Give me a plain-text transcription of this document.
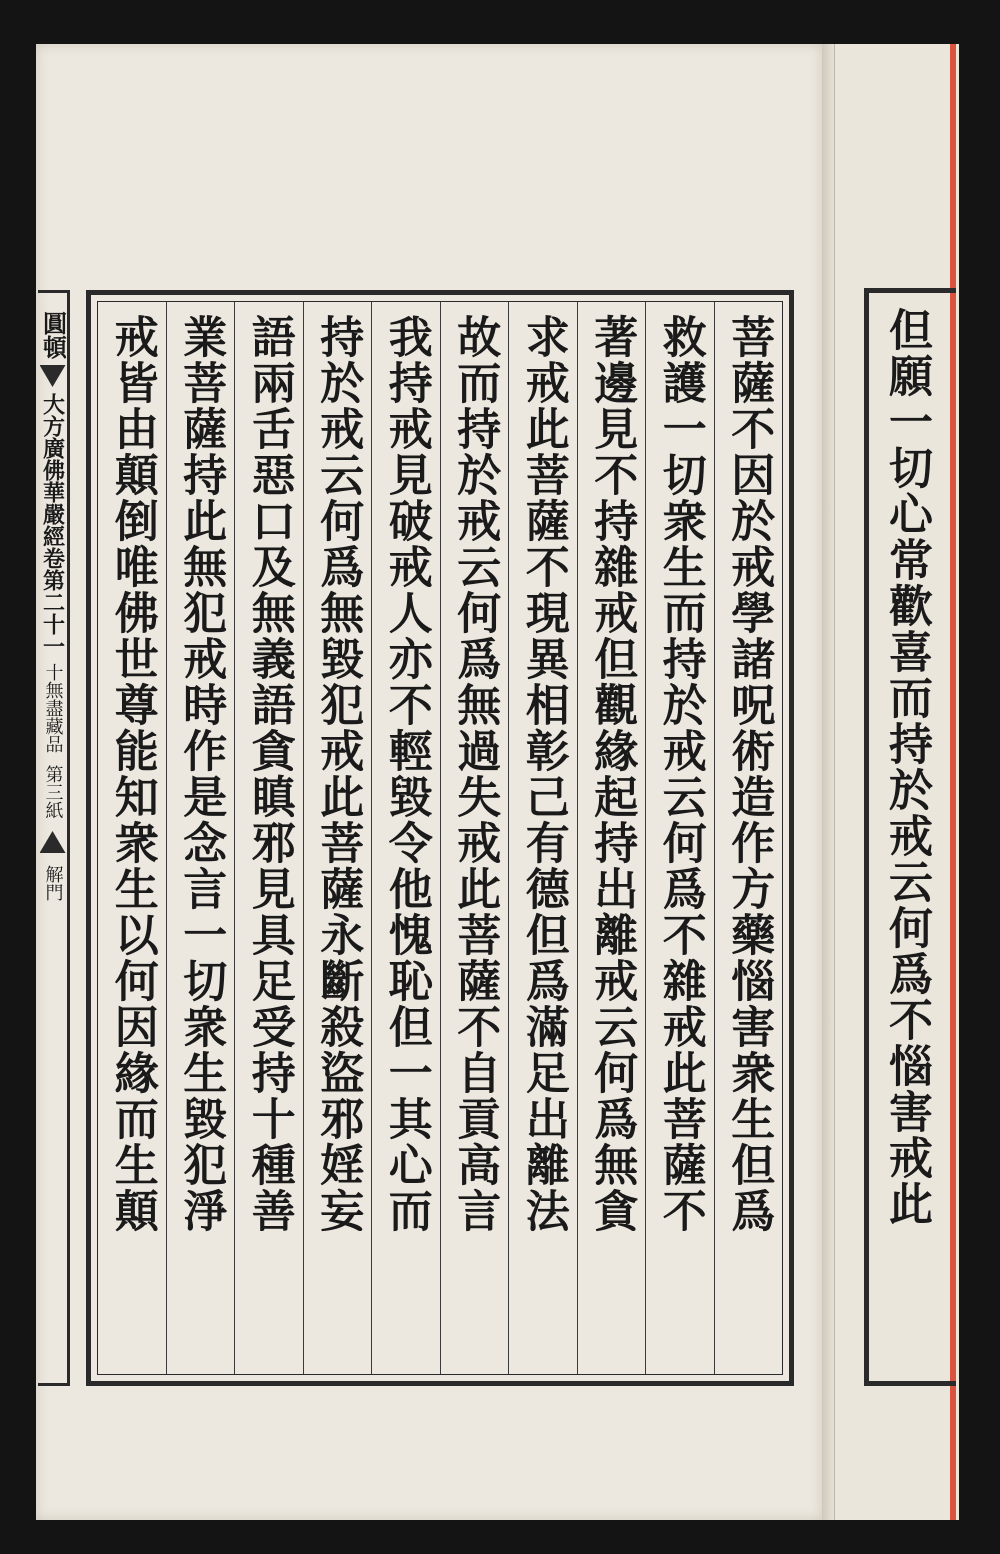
圓頓
大方廣佛華嚴經卷第二十一
十無盡藏品
第三紙
解門	菩薩不因於戒學諸呪術造作方藥惱害衆生但爲
救護一切衆生而持於戒云何爲不雜戒此菩薩不
著邊見不持雜戒但觀緣起持出離戒云何爲無貪
求戒此菩薩不現異相彰己有德但爲滿足出離法
故而持於戒云何爲無過失戒此菩薩不自貢高言
我持戒見破戒人亦不輕毀令他愧恥但一其心而
持於戒云何爲無毀犯戒此菩薩永斷殺盜邪婬妄
語兩舌惡口及無義語貪瞋邪見具足受持十種善
業菩薩持此無犯戒時作是念言一切衆生毀犯淨
戒皆由顛倒唯佛世尊能知衆生以何因緣而生顛	但願一切心常歡喜而持於戒云何爲不惱害戒此
